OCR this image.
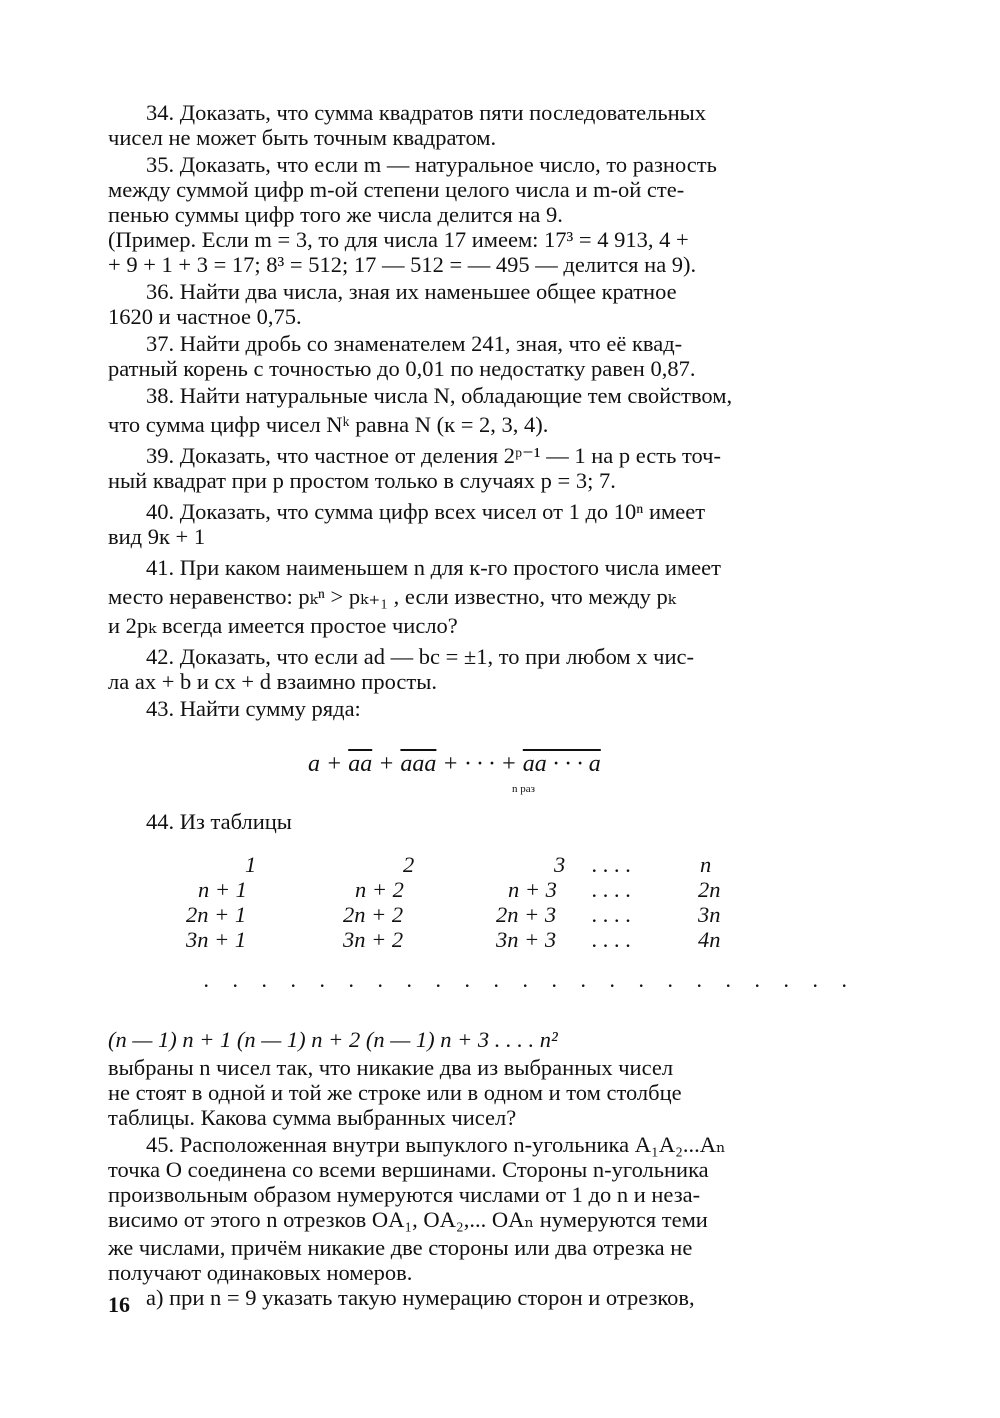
34. Доказать, что сумма квадратов пяти последовательных
чисел не может быть точным квадратом.
35. Доказать, что если m — натуральное число, то разность
между суммой цифр m-ой степени целого числа и m-ой сте-
пенью суммы цифр того же числа делится на 9.
(Пример. Если m = 3, то для числа 17 имеем: 17³ = 4 913, 4 +
+ 9 + 1 + 3 = 17; 8³ = 512; 17 — 512 = — 495 — делится на 9).
36. Найти два числа, зная их наменьшее общее кратное
1620 и частное 0,75.
37. Найти дробь со знаменателем 241, зная, что её квад-
ратный корень с точностью до 0,01 по недостатку равен 0,87.
38. Найти натуральные числа N, обладающие тем свойством,
что сумма цифр чисел Nᵏ равна N (к = 2, 3, 4).
39. Доказать, что частное от деления 2ᵖ⁻¹ — 1 на p есть точ-
ный квадрат при p простом только в случаях p = 3; 7.
40. Доказать, что сумма цифр всех чисел от 1 до 10ⁿ имеет
вид 9к + 1
41. При каком наименьшем n для к-го простого числа имеет
место неравенство: pₖⁿ > pₖ₊₁ , если известно, что между pₖ
и 2pₖ всегда имеется простое число?
42. Доказать, что если ad — bc = ±1, то при любом x чис-
ла ax + b и cx + d взаимно просты.
43. Найти сумму ряда:
$a + \overline{aa} + \overline{aaa}$ + · · · + aa · · · a
n раз
44. Из таблицы
1	2	3 . . . .	n
n + 1	n + 2	n + 3 . . . .	2n
2n + 1	2n + 2	2n + 3 . . . .	3n
3n + 1	3n + 2	3n + 3 . . . .	4n
. . . . . . . . . . . . . . . . . . . . . . .
(n — 1) n + 1 (n — 1) n + 2 (n — 1) n + 3 . . . . n²
выбраны n чисел так, что никакие два из выбранных чисел
не стоят в одной и той же строке или в одном и том столбце
таблицы. Какова сумма выбранных чисел?
45. Расположенная внутри выпуклого n-угольника A₁A₂...Aₙ
точка O соединена со всеми вершинами. Стороны n-угольника
произвольным образом нумеруются числами от 1 до n и неза-
висимо от этого n отрезков OA₁, OA₂,... OAₙ нумеруются теми
же числами, причём никакие две стороны или два отрезка не
получают одинаковых номеров.
а) при n = 9 указать такую нумерацию сторон и отрезков,
16
